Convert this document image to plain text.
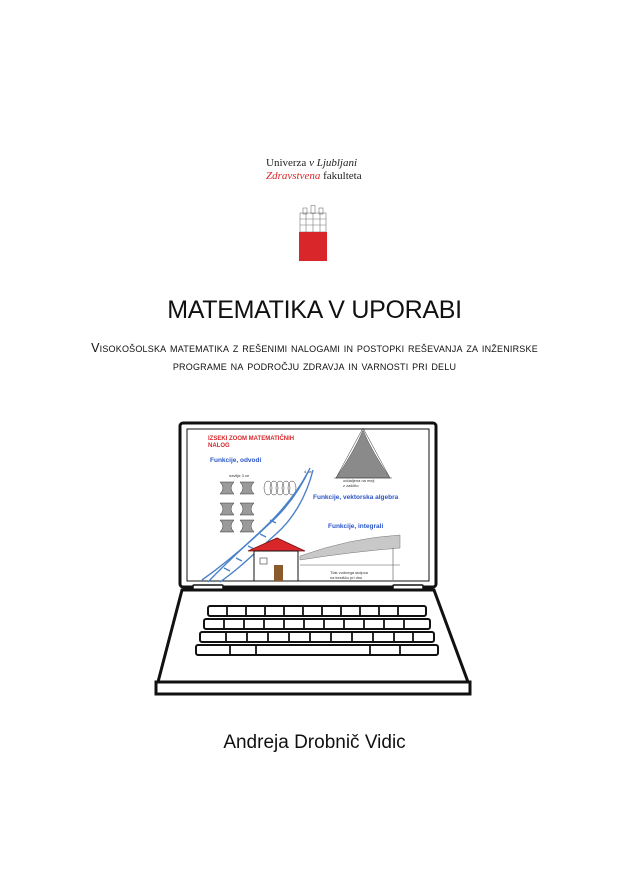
Univerza v Ljubljani
Zdravstvena fakulteta
MATEMATIKA V UPORABI
Visokošolska matematika z rešenimi nalogami in postopki reševanja za inženirske programe na področju zdravja in varnosti pri delu
IZSEKI ZOOM MATEMATIČNIH
NALOG
Funkcije, odvodi
Funkcije, vektorska algebra
Funkcije, integrali
navitje 3 ce
4 ce
oddaljena na meji
z zaščito
Tlak vodnega stolpca
na kesišču pri dnu
Andreja Drobnič Vidic
